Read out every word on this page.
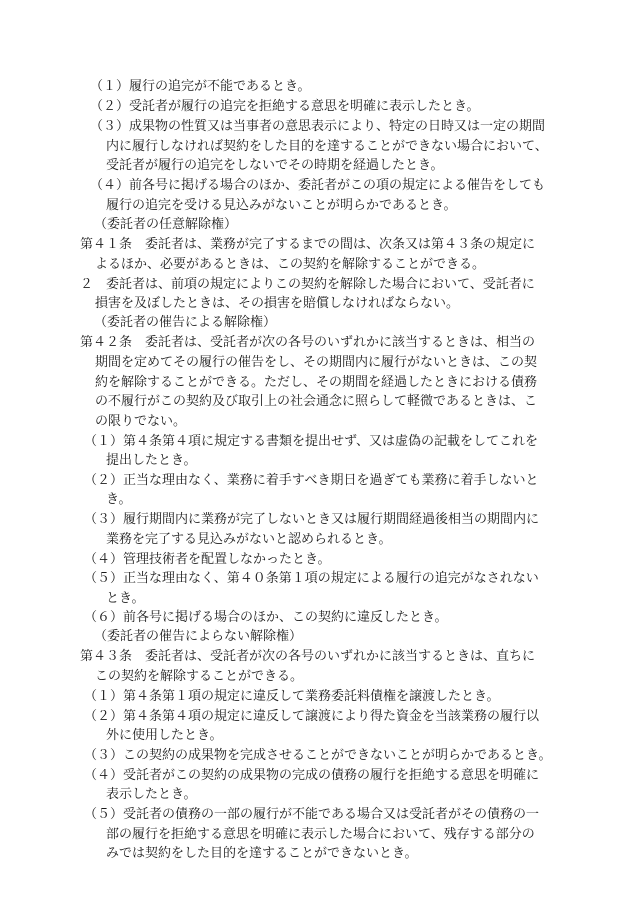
（１）履行の追完が不能であるとき。

（２）受託者が履行の追完を拒絶する意思を明確に表示したとき。

（３）成果物の性質又は当事者の意思表示により、特定の日時又は一定の期間

内に履行しなければ契約をした目的を達することができない場合において、

受託者が履行の追完をしないでその時期を経過したとき。

（４）前各号に掲げる場合のほか、委託者がこの項の規定による催告をしても

履行の追完を受ける見込みがないことが明らかであるとき。

（委託者の任意解除権）

第４１条　委託者は、業務が完了するまでの間は、次条又は第４３条の規定に

よるほか、必要があるときは、この契約を解除することができる。

２　委託者は、前項の規定によりこの契約を解除した場合において、受託者に

損害を及ぼしたときは、その損害を賠償しなければならない。

（委託者の催告による解除権）

第４２条　委託者は、受託者が次の各号のいずれかに該当するときは、相当の

期間を定めてその履行の催告をし、その期間内に履行がないときは、この契

約を解除することができる。ただし、その期間を経過したときにおける債務

の不履行がこの契約及び取引上の社会通念に照らして軽微であるときは、こ

の限りでない。

（１）第４条第４項に規定する書類を提出せず、又は虚偽の記載をしてこれを

提出したとき。

（２）正当な理由なく、業務に着手すべき期日を過ぎても業務に着手しないと

き。

（３）履行期間内に業務が完了しないとき又は履行期間経過後相当の期間内に

業務を完了する見込みがないと認められるとき。

（４）管理技術者を配置しなかったとき。

（５）正当な理由なく、第４０条第１項の規定による履行の追完がなされない

とき。

（６）前各号に掲げる場合のほか、この契約に違反したとき。

（委託者の催告によらない解除権）

第４３条　委託者は、受託者が次の各号のいずれかに該当するときは、直ちに

この契約を解除することができる。

（１）第４条第１項の規定に違反して業務委託料債権を譲渡したとき。

（２）第４条第４項の規定に違反して譲渡により得た資金を当該業務の履行以

外に使用したとき。

（３）この契約の成果物を完成させることができないことが明らかであるとき。

（４）受託者がこの契約の成果物の完成の債務の履行を拒絶する意思を明確に

表示したとき。

（５）受託者の債務の一部の履行が不能である場合又は受託者がその債務の一

部の履行を拒絶する意思を明確に表示した場合において、残存する部分の

みでは契約をした目的を達することができないとき。
